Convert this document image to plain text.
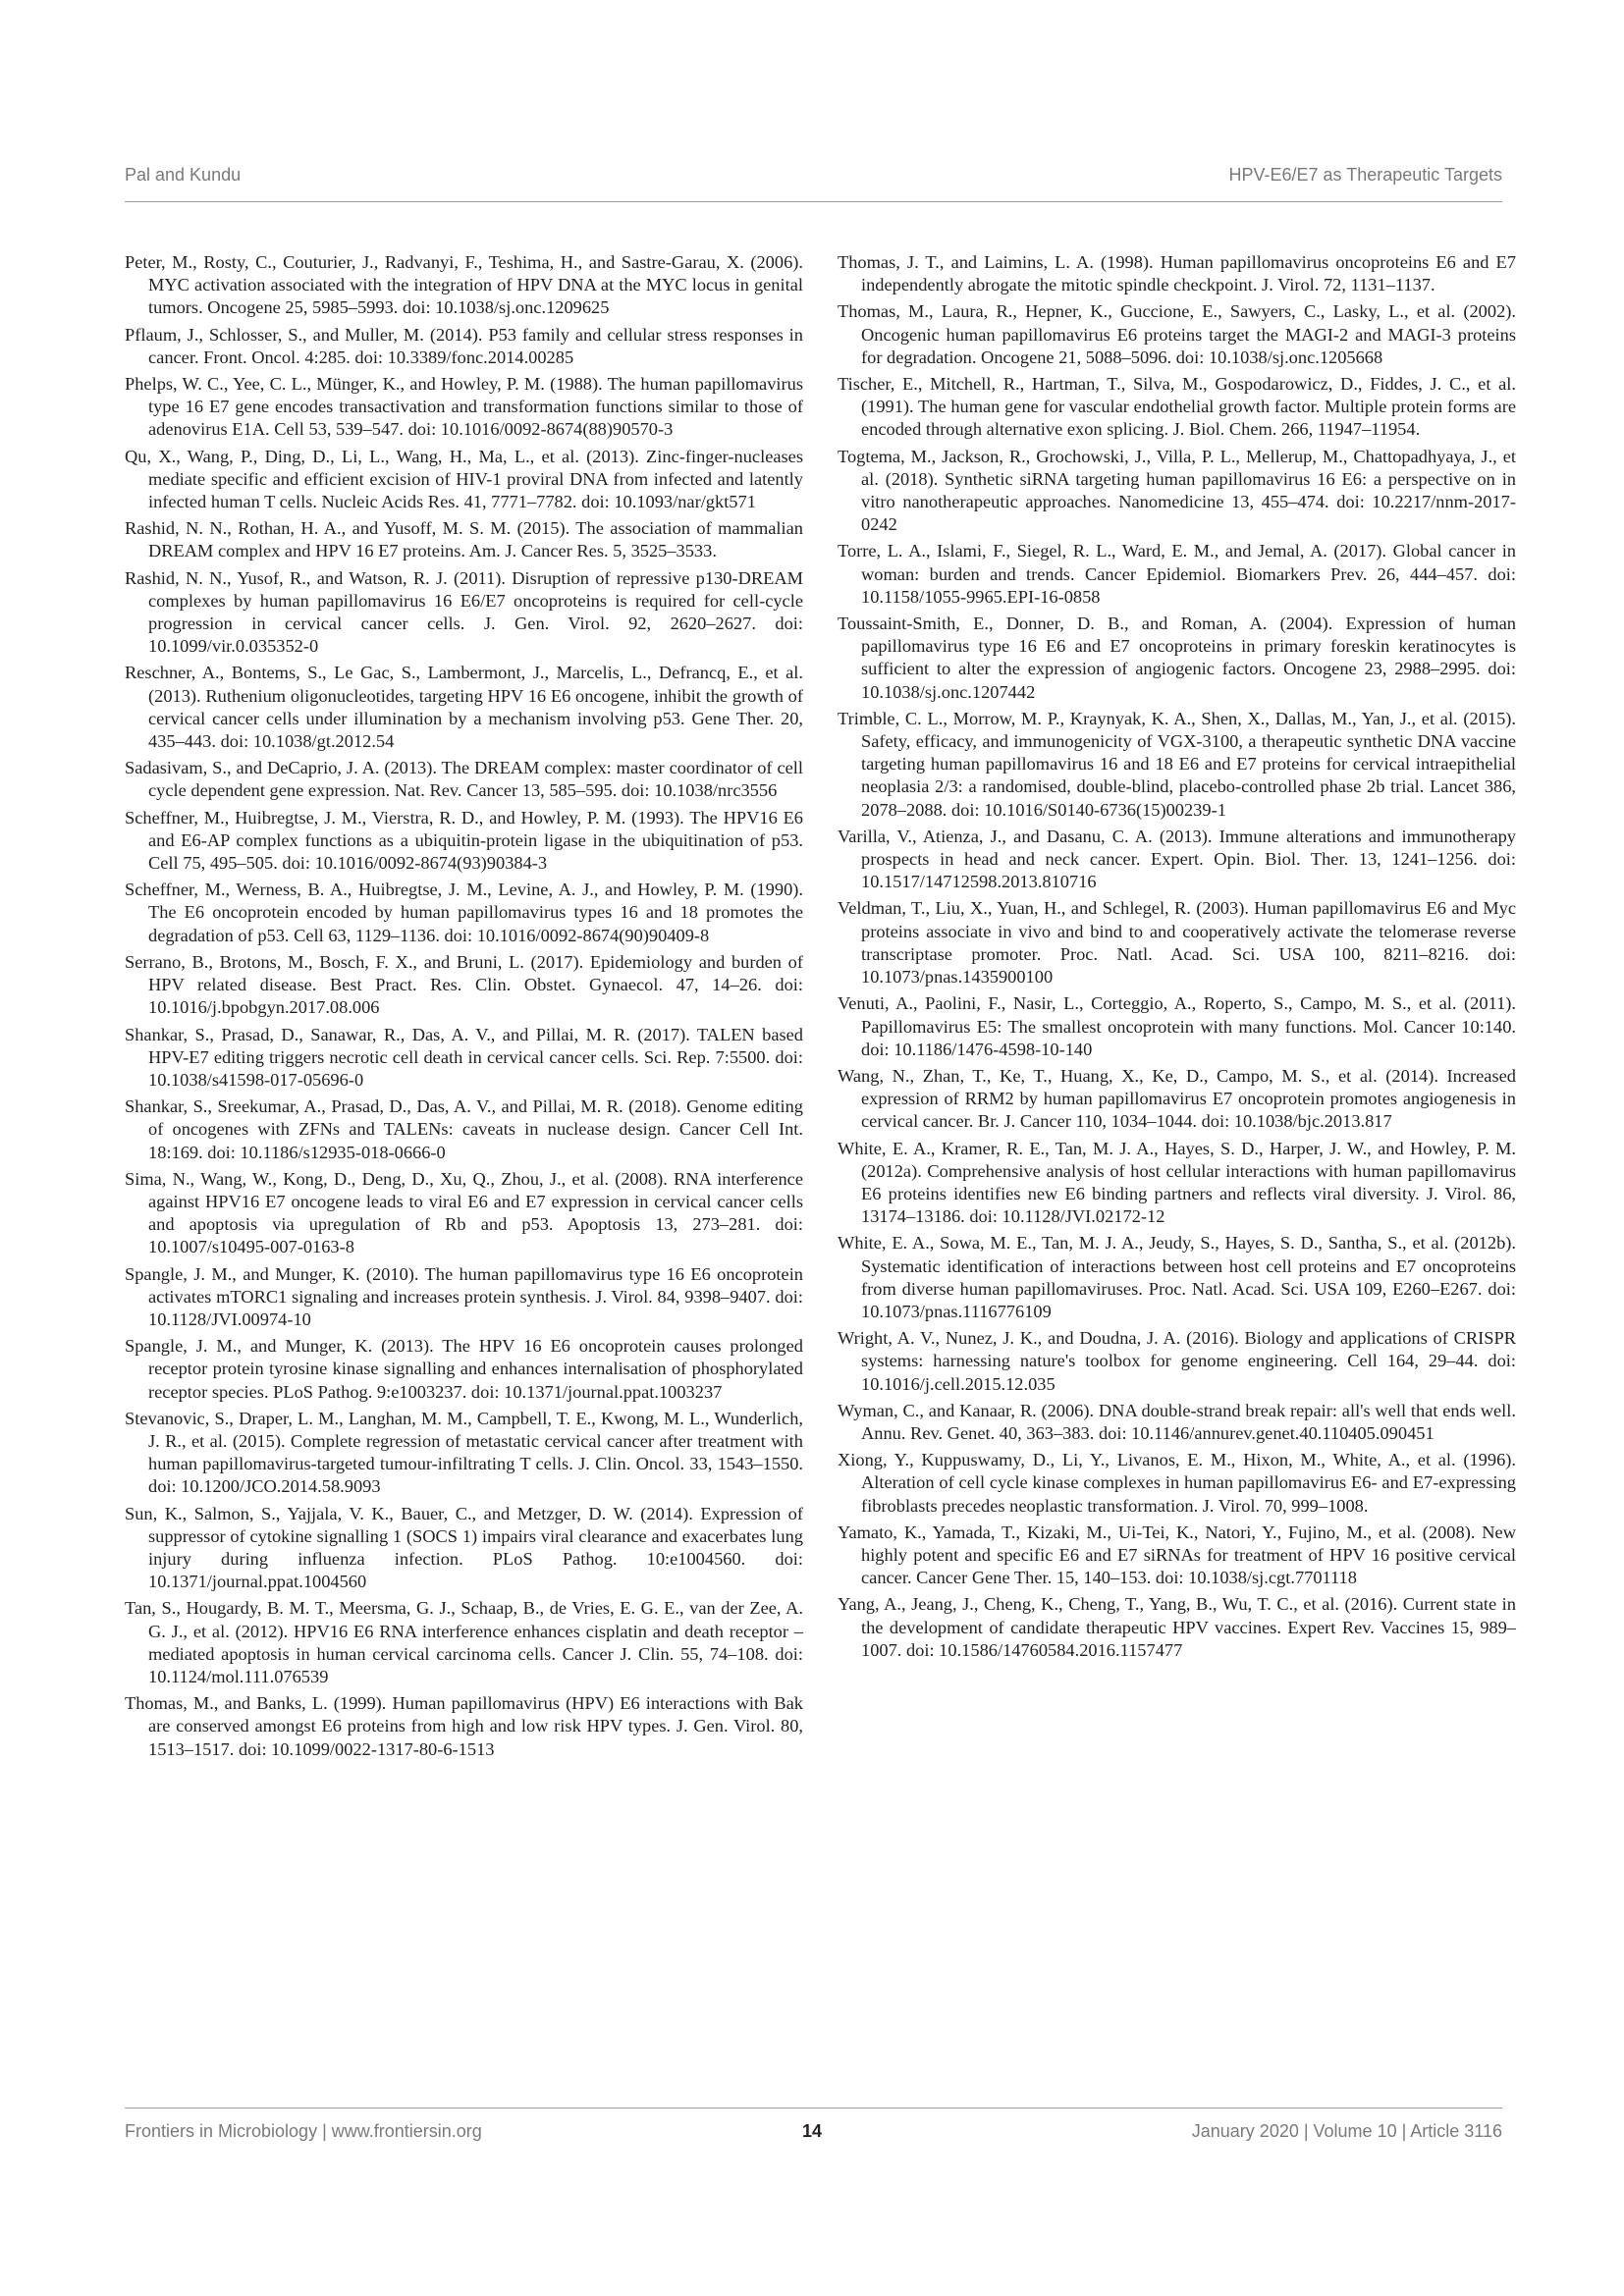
Pal and Kundu	HPV-E6/E7 as Therapeutic Targets

Peter, M., Rosty, C., Couturier, J., Radvanyi, F., Teshima, H., and Sastre-Garau, X. (2006). MYC activation associated with the integration of HPV DNA at the MYC locus in genital tumors. Oncogene 25, 5985–5993. doi: 10.1038/sj.onc.1209625

Pflaum, J., Schlosser, S., and Muller, M. (2014). P53 family and cellular stress responses in cancer. Front. Oncol. 4:285. doi: 10.3389/fonc.2014.00285

Phelps, W. C., Yee, C. L., Münger, K., and Howley, P. M. (1988). The human papillomavirus type 16 E7 gene encodes transactivation and transformation functions similar to those of adenovirus E1A. Cell 53, 539–547. doi: 10.1016/0092-8674(88)90570-3

Qu, X., Wang, P., Ding, D., Li, L., Wang, H., Ma, L., et al. (2013). Zinc-finger-nucleases mediate specific and efficient excision of HIV-1 proviral DNA from infected and latently infected human T cells. Nucleic Acids Res. 41, 7771–7782. doi: 10.1093/nar/gkt571

Rashid, N. N., Rothan, H. A., and Yusoff, M. S. M. (2015). The association of mammalian DREAM complex and HPV 16 E7 proteins. Am. J. Cancer Res. 5, 3525–3533.

Rashid, N. N., Yusof, R., and Watson, R. J. (2011). Disruption of repressive p130-DREAM complexes by human papillomavirus 16 E6/E7 oncoproteins is required for cell-cycle progression in cervical cancer cells. J. Gen. Virol. 92, 2620–2627. doi: 10.1099/vir.0.035352-0

Reschner, A., Bontems, S., Le Gac, S., Lambermont, J., Marcelis, L., Defrancq, E., et al. (2013). Ruthenium oligonucleotides, targeting HPV 16 E6 oncogene, inhibit the growth of cervical cancer cells under illumination by a mechanism involving p53. Gene Ther. 20, 435–443. doi: 10.1038/gt.2012.54

Sadasivam, S., and DeCaprio, J. A. (2013). The DREAM complex: master coordinator of cell cycle dependent gene expression. Nat. Rev. Cancer 13, 585–595. doi: 10.1038/nrc3556

Scheffner, M., Huibregtse, J. M., Vierstra, R. D., and Howley, P. M. (1993). The HPV16 E6 and E6-AP complex functions as a ubiquitin-protein ligase in the ubiquitination of p53. Cell 75, 495–505. doi: 10.1016/0092-8674(93)90384-3

Scheffner, M., Werness, B. A., Huibregtse, J. M., Levine, A. J., and Howley, P. M. (1990). The E6 oncoprotein encoded by human papillomavirus types 16 and 18 promotes the degradation of p53. Cell 63, 1129–1136. doi: 10.1016/0092-8674(90)90409-8

Serrano, B., Brotons, M., Bosch, F. X., and Bruni, L. (2017). Epidemiology and burden of HPV related disease. Best Pract. Res. Clin. Obstet. Gynaecol. 47, 14–26. doi: 10.1016/j.bpobgyn.2017.08.006

Shankar, S., Prasad, D., Sanawar, R., Das, A. V., and Pillai, M. R. (2017). TALEN based HPV-E7 editing triggers necrotic cell death in cervical cancer cells. Sci. Rep. 7:5500. doi: 10.1038/s41598-017-05696-0

Shankar, S., Sreekumar, A., Prasad, D., Das, A. V., and Pillai, M. R. (2018). Genome editing of oncogenes with ZFNs and TALENs: caveats in nuclease design. Cancer Cell Int. 18:169. doi: 10.1186/s12935-018-0666-0

Sima, N., Wang, W., Kong, D., Deng, D., Xu, Q., Zhou, J., et al. (2008). RNA interference against HPV16 E7 oncogene leads to viral E6 and E7 expression in cervical cancer cells and apoptosis via upregulation of Rb and p53. Apoptosis 13, 273–281. doi: 10.1007/s10495-007-0163-8

Spangle, J. M., and Munger, K. (2010). The human papillomavirus type 16 E6 oncoprotein activates mTORC1 signaling and increases protein synthesis. J. Virol. 84, 9398–9407. doi: 10.1128/JVI.00974-10

Spangle, J. M., and Munger, K. (2013). The HPV 16 E6 oncoprotein causes prolonged receptor protein tyrosine kinase signalling and enhances internalisation of phosphorylated receptor species. PLoS Pathog. 9:e1003237. doi: 10.1371/journal.ppat.1003237

Stevanovic, S., Draper, L. M., Langhan, M. M., Campbell, T. E., Kwong, M. L., Wunderlich, J. R., et al. (2015). Complete regression of metastatic cervical cancer after treatment with human papillomavirus-targeted tumour-infiltrating T cells. J. Clin. Oncol. 33, 1543–1550. doi: 10.1200/JCO.2014.58.9093

Sun, K., Salmon, S., Yajjala, V. K., Bauer, C., and Metzger, D. W. (2014). Expression of suppressor of cytokine signalling 1 (SOCS 1) impairs viral clearance and exacerbates lung injury during influenza infection. PLoS Pathog. 10:e1004560. doi: 10.1371/journal.ppat.1004560

Tan, S., Hougardy, B. M. T., Meersma, G. J., Schaap, B., de Vries, E. G. E., van der Zee, A. G. J., et al. (2012). HPV16 E6 RNA interference enhances cisplatin and death receptor –mediated apoptosis in human cervical carcinoma cells. Cancer J. Clin. 55, 74–108. doi: 10.1124/mol.111.076539

Thomas, M., and Banks, L. (1999). Human papillomavirus (HPV) E6 interactions with Bak are conserved amongst E6 proteins from high and low risk HPV types. J. Gen. Virol. 80, 1513–1517. doi: 10.1099/0022-1317-80-6-1513

Thomas, J. T., and Laimins, L. A. (1998). Human papillomavirus oncoproteins E6 and E7 independently abrogate the mitotic spindle checkpoint. J. Virol. 72, 1131–1137.

Thomas, M., Laura, R., Hepner, K., Guccione, E., Sawyers, C., Lasky, L., et al. (2002). Oncogenic human papillomavirus E6 proteins target the MAGI-2 and MAGI-3 proteins for degradation. Oncogene 21, 5088–5096. doi: 10.1038/sj.onc.1205668

Tischer, E., Mitchell, R., Hartman, T., Silva, M., Gospodarowicz, D., Fiddes, J. C., et al. (1991). The human gene for vascular endothelial growth factor. Multiple protein forms are encoded through alternative exon splicing. J. Biol. Chem. 266, 11947–11954.

Togtema, M., Jackson, R., Grochowski, J., Villa, P. L., Mellerup, M., Chattopadhyaya, J., et al. (2018). Synthetic siRNA targeting human papillomavirus 16 E6: a perspective on in vitro nanotherapeutic approaches. Nanomedicine 13, 455–474. doi: 10.2217/nnm-2017-0242

Torre, L. A., Islami, F., Siegel, R. L., Ward, E. M., and Jemal, A. (2017). Global cancer in woman: burden and trends. Cancer Epidemiol. Biomarkers Prev. 26, 444–457. doi: 10.1158/1055-9965.EPI-16-0858

Toussaint-Smith, E., Donner, D. B., and Roman, A. (2004). Expression of human papillomavirus type 16 E6 and E7 oncoproteins in primary foreskin keratinocytes is sufficient to alter the expression of angiogenic factors. Oncogene 23, 2988–2995. doi: 10.1038/sj.onc.1207442

Trimble, C. L., Morrow, M. P., Kraynyak, K. A., Shen, X., Dallas, M., Yan, J., et al. (2015). Safety, efficacy, and immunogenicity of VGX-3100, a therapeutic synthetic DNA vaccine targeting human papillomavirus 16 and 18 E6 and E7 proteins for cervical intraepithelial neoplasia 2/3: a randomised, double-blind, placebo-controlled phase 2b trial. Lancet 386, 2078–2088. doi: 10.1016/S0140-6736(15)00239-1

Varilla, V., Atienza, J., and Dasanu, C. A. (2013). Immune alterations and immunotherapy prospects in head and neck cancer. Expert. Opin. Biol. Ther. 13, 1241–1256. doi: 10.1517/14712598.2013.810716

Veldman, T., Liu, X., Yuan, H., and Schlegel, R. (2003). Human papillomavirus E6 and Myc proteins associate in vivo and bind to and cooperatively activate the telomerase reverse transcriptase promoter. Proc. Natl. Acad. Sci. USA 100, 8211–8216. doi: 10.1073/pnas.1435900100

Venuti, A., Paolini, F., Nasir, L., Corteggio, A., Roperto, S., Campo, M. S., et al. (2011). Papillomavirus E5: The smallest oncoprotein with many functions. Mol. Cancer 10:140. doi: 10.1186/1476-4598-10-140

Wang, N., Zhan, T., Ke, T., Huang, X., Ke, D., Campo, M. S., et al. (2014). Increased expression of RRM2 by human papillomavirus E7 oncoprotein promotes angiogenesis in cervical cancer. Br. J. Cancer 110, 1034–1044. doi: 10.1038/bjc.2013.817

White, E. A., Kramer, R. E., Tan, M. J. A., Hayes, S. D., Harper, J. W., and Howley, P. M. (2012a). Comprehensive analysis of host cellular interactions with human papillomavirus E6 proteins identifies new E6 binding partners and reflects viral diversity. J. Virol. 86, 13174–13186. doi: 10.1128/JVI.02172-12

White, E. A., Sowa, M. E., Tan, M. J. A., Jeudy, S., Hayes, S. D., Santha, S., et al. (2012b). Systematic identification of interactions between host cell proteins and E7 oncoproteins from diverse human papillomaviruses. Proc. Natl. Acad. Sci. USA 109, E260–E267. doi: 10.1073/pnas.1116776109

Wright, A. V., Nunez, J. K., and Doudna, J. A. (2016). Biology and applications of CRISPR systems: harnessing nature's toolbox for genome engineering. Cell 164, 29–44. doi: 10.1016/j.cell.2015.12.035

Wyman, C., and Kanaar, R. (2006). DNA double-strand break repair: all's well that ends well. Annu. Rev. Genet. 40, 363–383. doi: 10.1146/annurev.genet.40.110405.090451

Xiong, Y., Kuppuswamy, D., Li, Y., Livanos, E. M., Hixon, M., White, A., et al. (1996). Alteration of cell cycle kinase complexes in human papillomavirus E6- and E7-expressing fibroblasts precedes neoplastic transformation. J. Virol. 70, 999–1008.

Yamato, K., Yamada, T., Kizaki, M., Ui-Tei, K., Natori, Y., Fujino, M., et al. (2008). New highly potent and specific E6 and E7 siRNAs for treatment of HPV 16 positive cervical cancer. Cancer Gene Ther. 15, 140–153. doi: 10.1038/sj.cgt.7701118

Yang, A., Jeang, J., Cheng, K., Cheng, T., Yang, B., Wu, T. C., et al. (2016). Current state in the development of candidate therapeutic HPV vaccines. Expert Rev. Vaccines 15, 989–1007. doi: 10.1586/14760584.2016.1157477

Frontiers in Microbiology | www.frontiersin.org	14	January 2020 | Volume 10 | Article 3116
